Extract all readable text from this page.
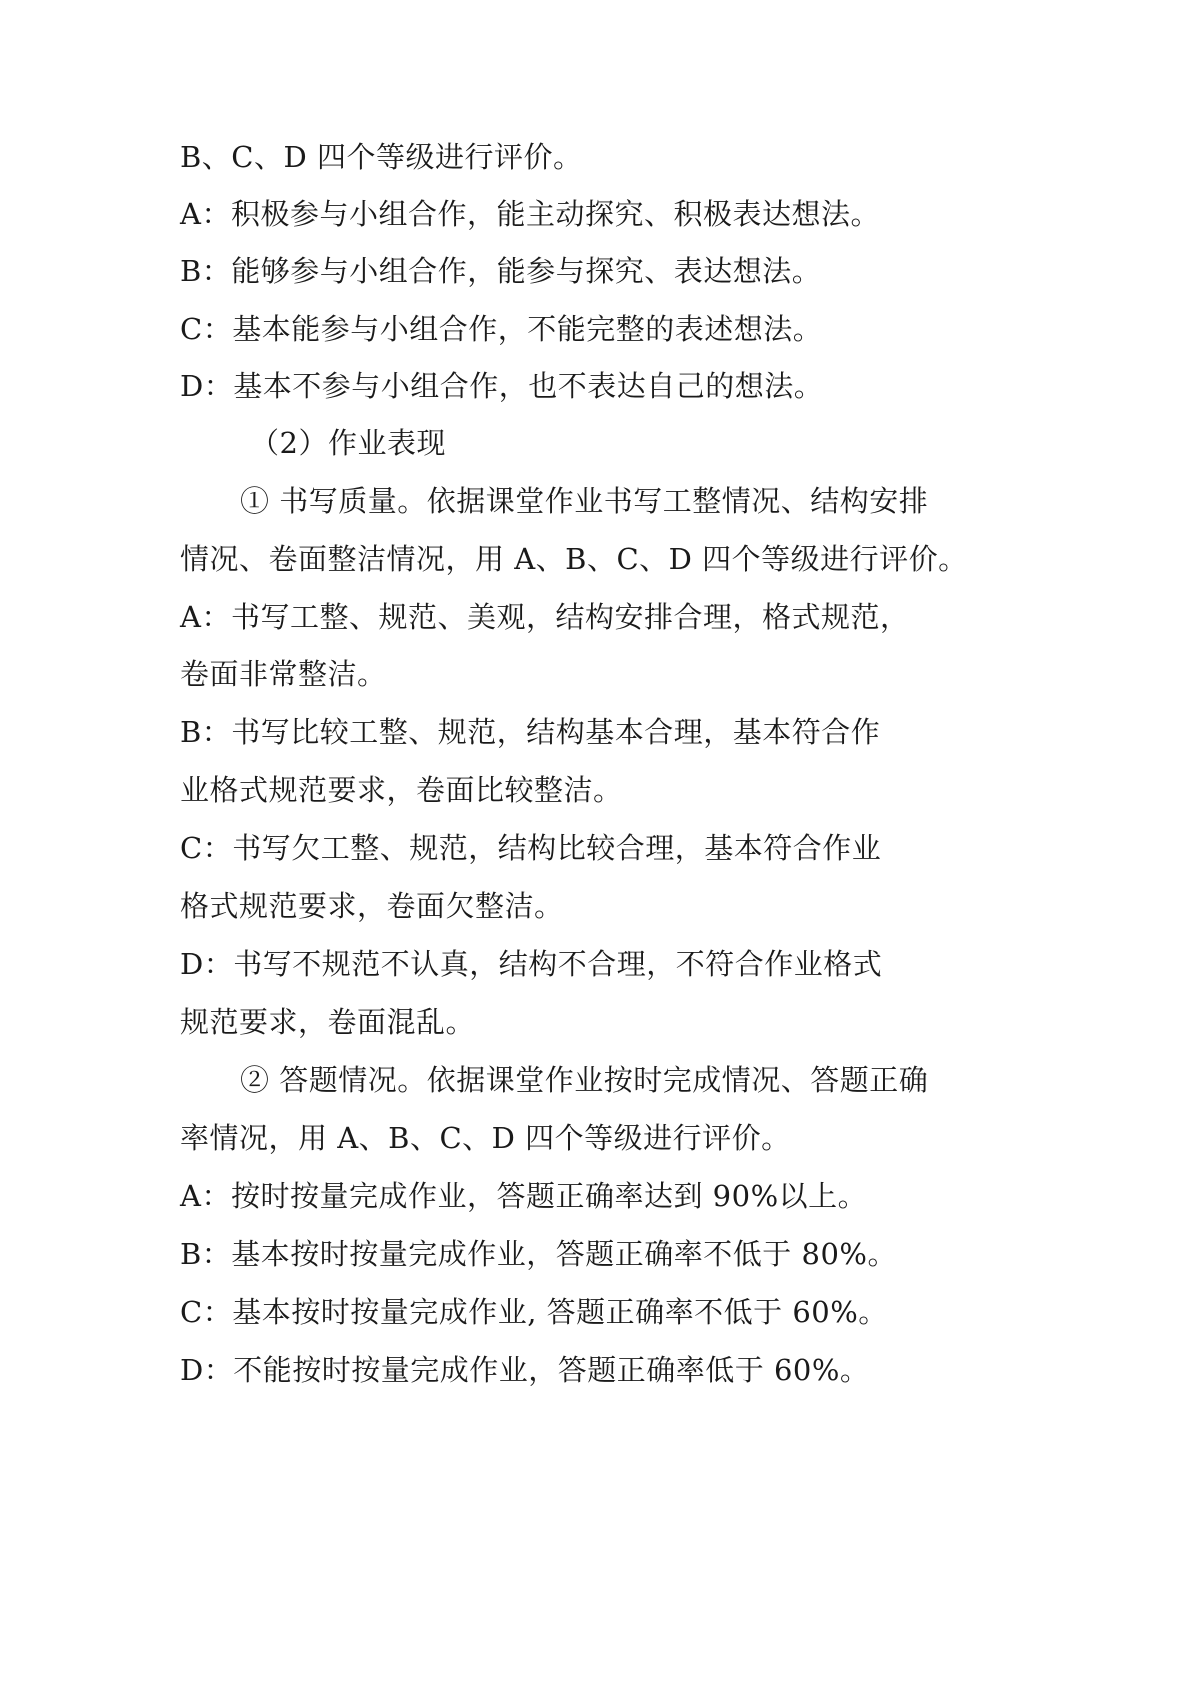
B、C、D 四个等级进行评价。
A：积极参与小组合作，能主动探究、积极表达想法。
B：能够参与小组合作，能参与探究、表达想法。
C：基本能参与小组合作，不能完整的表述想法。
D：基本不参与小组合作，也不表达自己的想法。
（2）作业表现
① 书写质量。依据课堂作业书写工整情况、结构安排
情况、卷面整洁情况，用 A、B、C、D 四个等级进行评价。
A：书写工整、规范、美观，结构安排合理，格式规范，
卷面非常整洁。
B：书写比较工整、规范，结构基本合理，基本符合作
业格式规范要求，卷面比较整洁。
C：书写欠工整、规范，结构比较合理，基本符合作业
格式规范要求，卷面欠整洁。
D：书写不规范不认真，结构不合理，不符合作业格式
规范要求，卷面混乱。
② 答题情况。依据课堂作业按时完成情况、答题正确
率情况，用 A、B、C、D 四个等级进行评价。
A：按时按量完成作业，答题正确率达到 90%以上。
B：基本按时按量完成作业，答题正确率不低于 80%。
C：基本按时按量完成作业, 答题正确率不低于 60%。
D：不能按时按量完成作业，答题正确率低于 60%。
